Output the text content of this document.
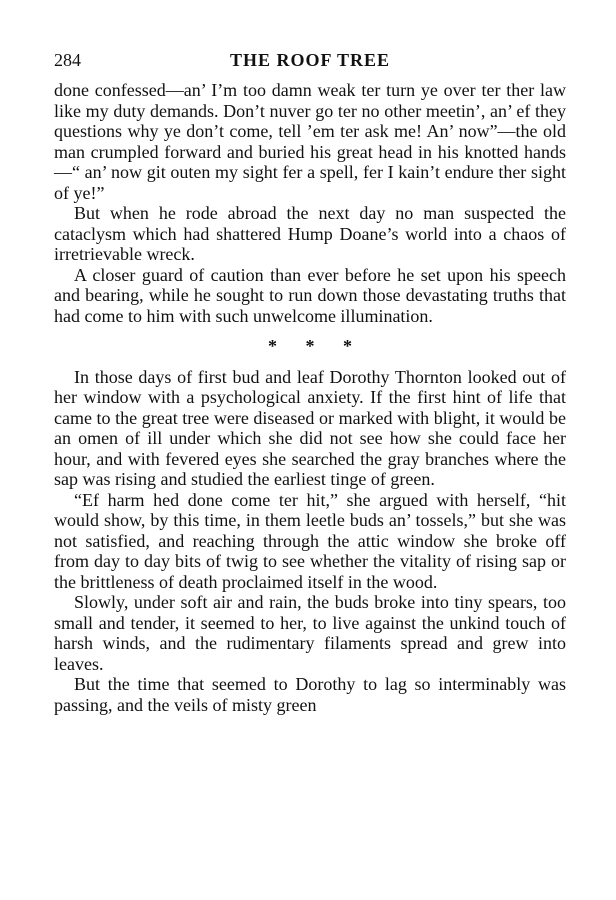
284	THE ROOF TREE

done confessed—an’ I’m too damn weak ter turn ye over ter ther law like my duty demands. Don’t nuver go ter no other meetin’, an’ ef they questions why ye don’t come, tell ’em ter ask me! An’ now”—the old man crumpled forward and buried his great head in his knotted hands—“ an’ now git outen my sight fer a spell, fer I kain’t endure ther sight of ye!”

But when he rode abroad the next day no man suspected the cataclysm which had shattered Hump Doane’s world into a chaos of irretrievable wreck.

A closer guard of caution than ever before he set upon his speech and bearing, while he sought to run down those devastating truths that had come to him with such unwelcome illumination.

* * *

In those days of first bud and leaf Dorothy Thornton looked out of her window with a psychological anxiety. If the first hint of life that came to the great tree were diseased or marked with blight, it would be an omen of ill under which she did not see how she could face her hour, and with fevered eyes she searched the gray branches where the sap was rising and studied the earliest tinge of green.

“Ef harm hed done come ter hit,” she argued with herself, “hit would show, by this time, in them leetle buds an’ tossels,” but she was not satisfied, and reaching through the attic window she broke off from day to day bits of twig to see whether the vitality of rising sap or the brittleness of death proclaimed itself in the wood.

Slowly, under soft air and rain, the buds broke into tiny spears, too small and tender, it seemed to her, to live against the unkind touch of harsh winds, and the rudimentary filaments spread and grew into leaves.

But the time that seemed to Dorothy to lag so interminably was passing, and the veils of misty green
